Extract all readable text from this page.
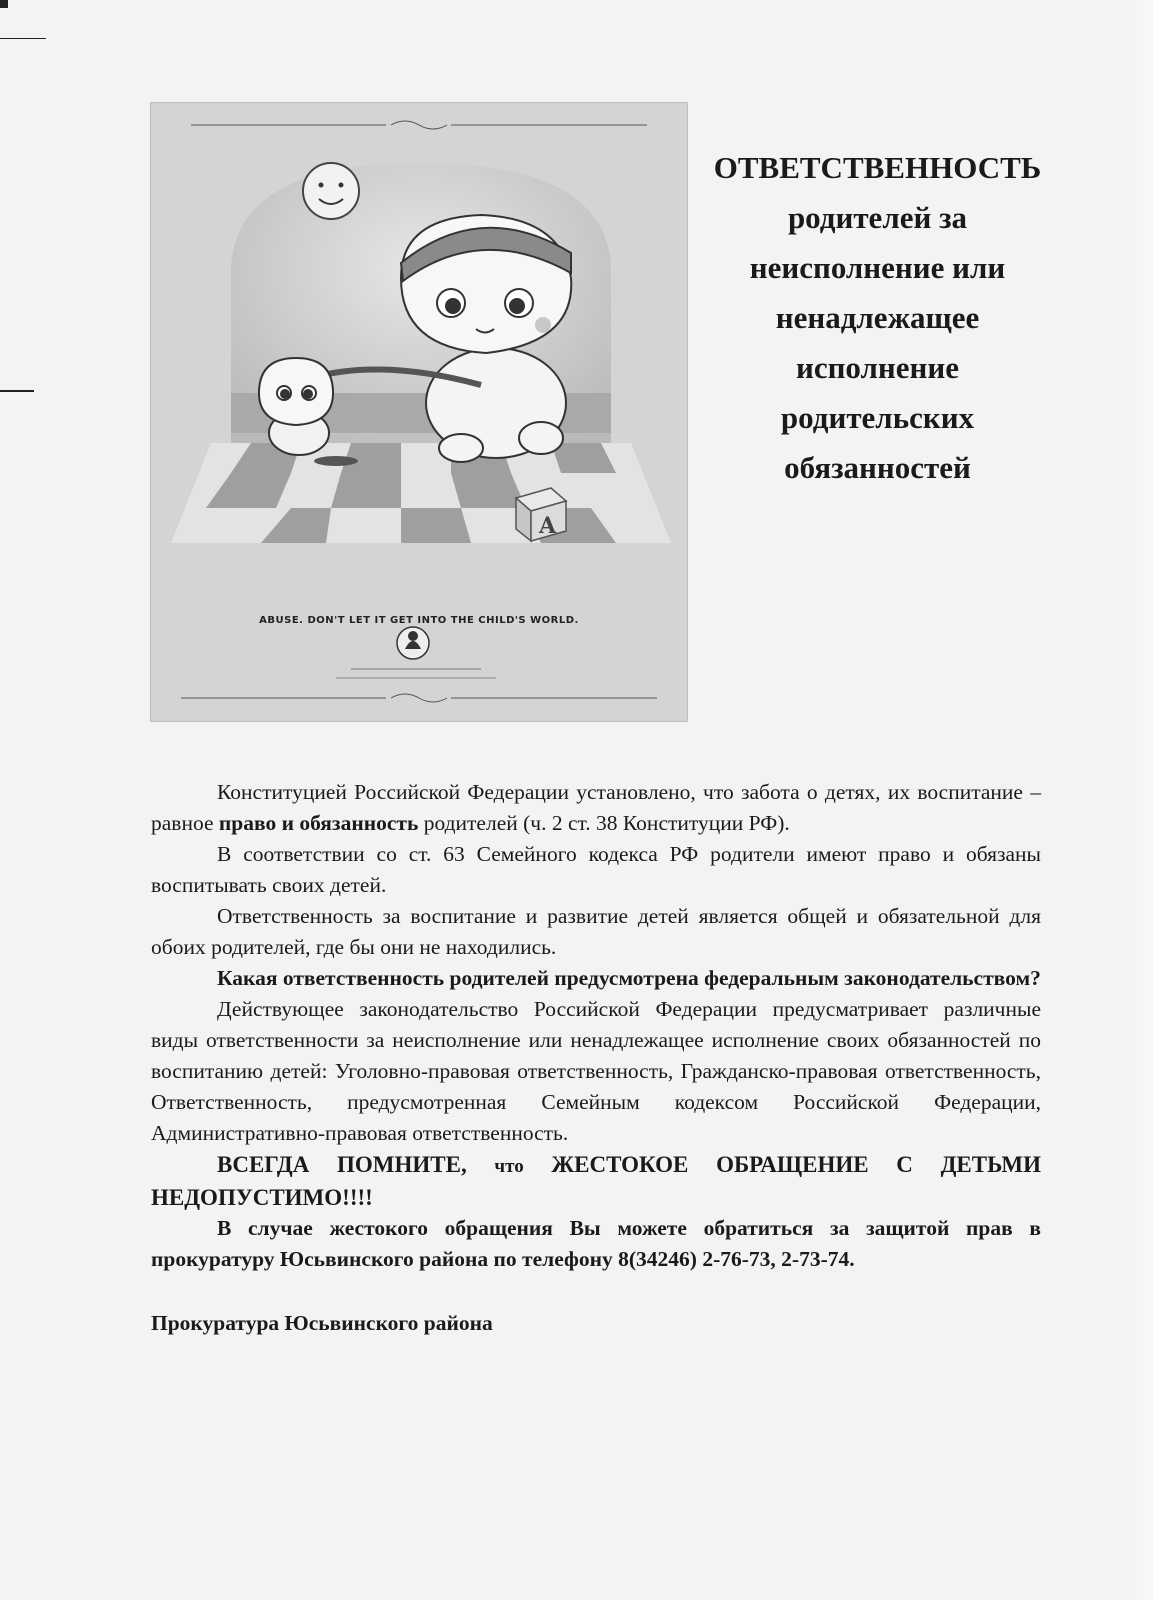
A
ABUSE. DON'T LET IT GET INTO THE CHILD'S WORLD.
ОТВЕТСТВЕННОСТЬ
родителей за
неисполнение или
ненадлежащее
исполнение
родительских
обязанностей

Конституцией Российской Федерации установлено, что забота о детях, их воспитание – равное право и обязанность родителей (ч. 2 ст. 38 Конституции РФ).

В соответствии со ст. 63 Семейного кодекса РФ родители имеют право и обязаны воспитывать своих детей.

Ответственность за воспитание и развитие детей является общей и обязательной для обоих родителей, где бы они не находились.

Какая ответственность родителей предусмотрена федеральным законодательством?

Действующее законодательство Российской Федерации предусматривает различные виды ответственности за неисполнение или ненадлежащее исполнение своих обязанностей по воспитанию детей: Уголовно-правовая ответственность, Гражданско-правовая ответственность, Ответственность, предусмотренная Семейным кодексом Российской Федерации, Административно-правовая ответственность.

ВСЕГДА ПОМНИТЕ, что ЖЕСТОКОЕ ОБРАЩЕНИЕ С ДЕТЬМИ НЕДОПУСТИМО!!!!

В случае жестокого обращения Вы можете обратиться за защитой прав в прокуратуру Юсьвинского района по телефону 8(34246) 2-76-73, 2-73-74.

Прокуратура Юсьвинского района
